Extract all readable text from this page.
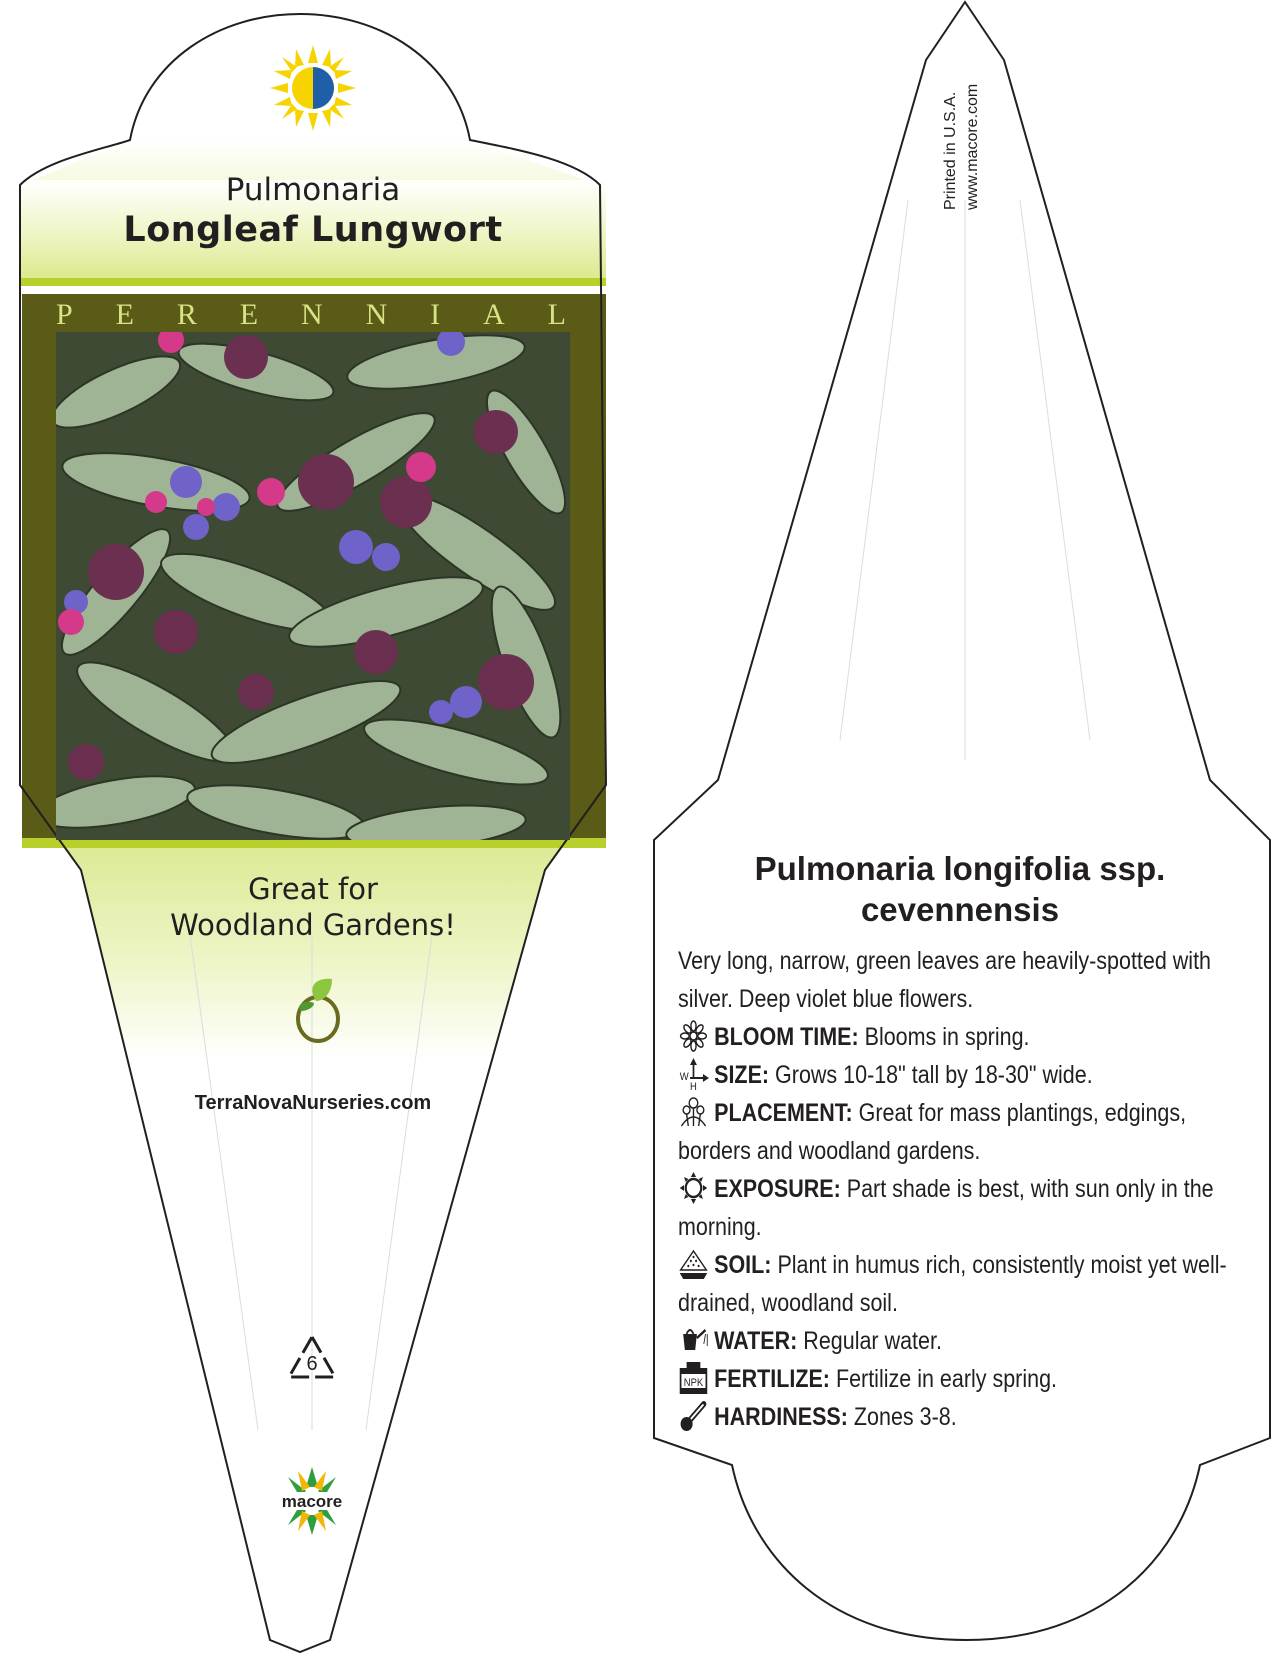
Pulmonaria
Longleaf Lungwort
P E R E N N I A L
Great for
Woodland Gardens!
TerraNovaNurseries.com
6
macore
Printed in U.S.A. www.macore.com
Pulmonaria longifolia ssp.
cevennensis

Very long, narrow, green leaves are heavily-spotted with silver. Deep violet blue flowers.

BLOOM TIME: Blooms in spring.

W
H SIZE: Grows 10-18" tall by 18-30" wide.

PLACEMENT: Great for mass plantings, edgings, borders and woodland gardens.

EXPOSURE: Part shade is best, with sun only in the morning.

SOIL: Plant in humus rich, consistently moist yet well-drained, woodland soil.

WATER: Regular water.

NPK FERTILIZE: Fertilize in early spring.

HARDINESS: Zones 3-8.
